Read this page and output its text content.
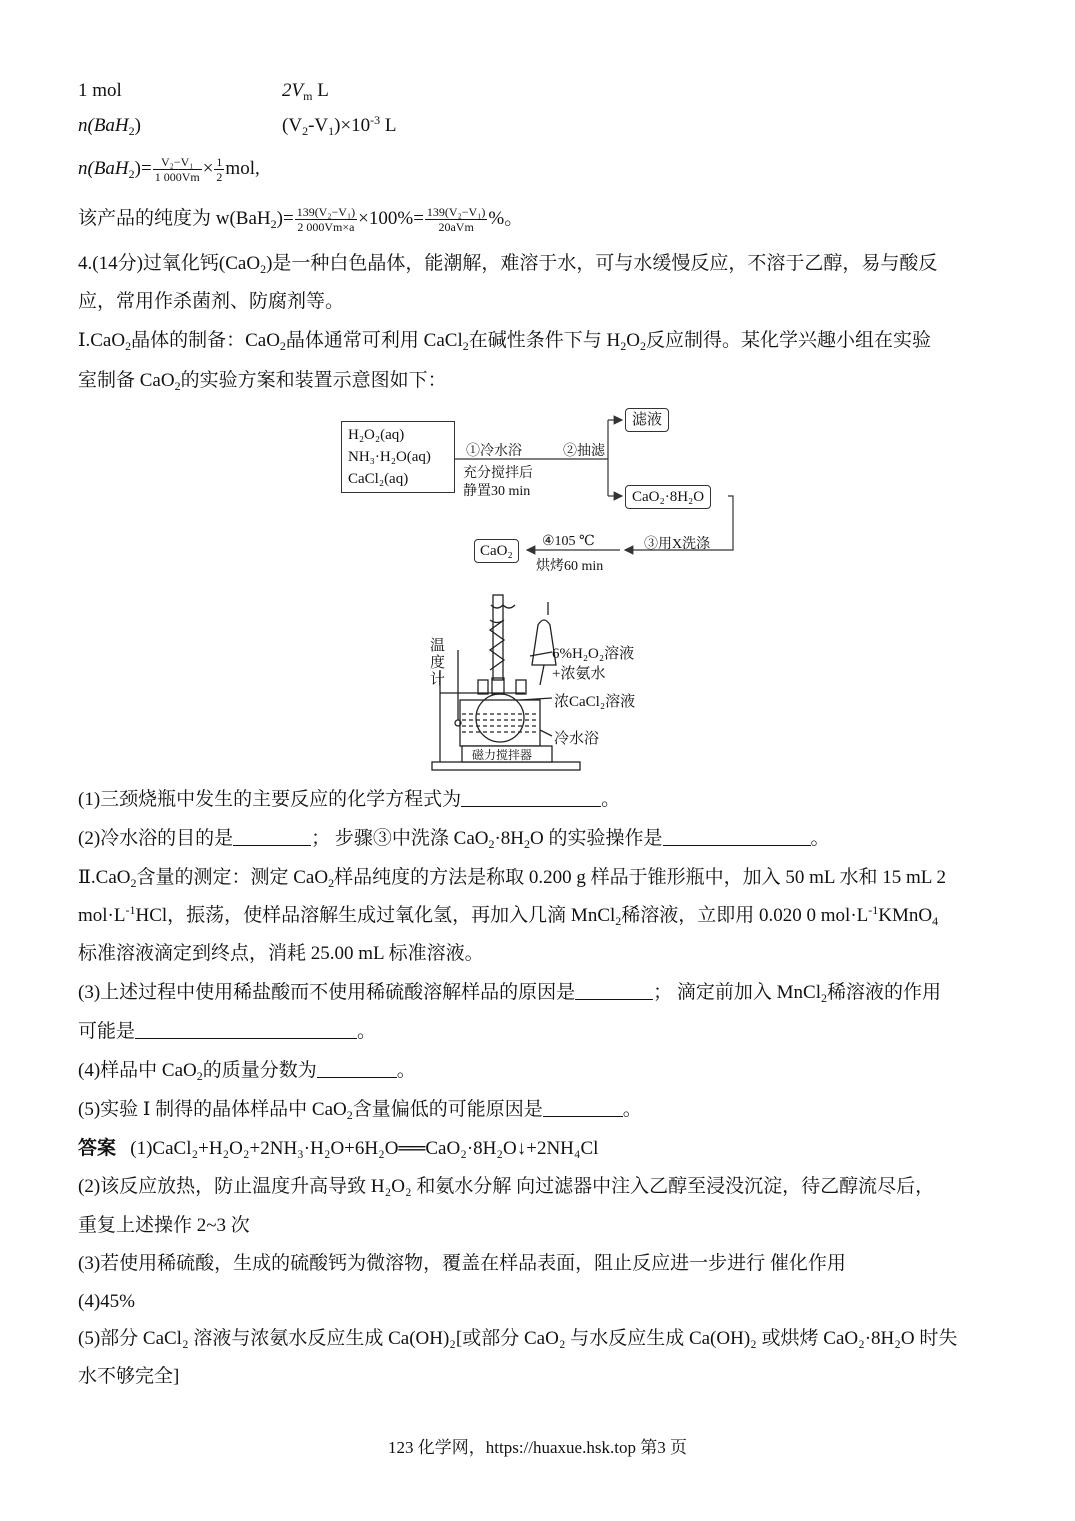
1 mol	$2V_m$ L
n(BaH$_2$)	$(V_2-V_1)\times 10^{-3}$ L
$n(BaH_2)= \frac{\text{V₂−V₁}}{1 000Vm} \times \frac{1}{2}$ mol,
该产品的纯度为 $w(BaH_2)= \frac{\text{139(V₂−V₁)}}{2 000Vm\times a} \times 100\%= \frac{\text{139(V₂−V₁)}}{\text{20aVm}}$ %。
4.(14分)过氧化钙(CaO$_2$)是一种白色晶体，能潮解，难溶于水，可与水缓慢反应，不溶于乙醇，易与酸反
应，常用作杀菌剂、防腐剂等。
Ⅰ.CaO$_2$晶体的制备：CaO$_2$晶体通常可利用 CaCl$_2$在碱性条件下与 $H_2O_2$反应制得。某化学兴趣小组在实验
室制备 CaO$_2$的实验方案和装置示意图如下：
H₂O₂(aq)
NH₃·H₂O(aq)
CaCl₂(aq)
①冷水浴
充分搅拌后
静置30 min
②抽滤
滤液
CaO₂·8H₂O
③用X洗涤
④105 ℃
烘烤60 min
CaO₂
温
度
计
6%H₂O₂溶液
+浓氨水
浓CaCl₂溶液
冷水浴
磁力搅拌器
(1)三颈烧瓶中发生的主要反应的化学方程式为	。
(2)冷水浴的目的是	； 步骤③中洗涤 $CaO_2\cdot 8H_2O$ 的实验操作是	。
Ⅱ.CaO$_2$含量的测定：测定 CaO$_2$样品纯度的方法是称取 0.200 g 样品于锥形瓶中，加入 50 mL 水和 15 mL 2
$mol\cdot L^{-1}HCl$，振荡，使样品溶解生成过氧化氢，再加入几滴 MnCl$_2$稀溶液，立即用 0.020 0 $mol\cdot L^{-1}KMnO_4$
标准溶液滴定到终点，消耗 25.00 mL 标准溶液。
(3)上述过程中使用稀盐酸而不使用稀硫酸溶解样品的原因是	； 滴定前加入 MnCl$_2$稀溶液的作用
可能是	。
(4)样品中 CaO$_2$的质量分数为	。
(5)实验 Ⅰ 制得的晶体样品中 CaO$_2$含量偏低的可能原因是	。
答案 (1)CaCl₂+H₂O₂+2NH₃·H₂O+6H₂O══CaO₂·8H₂O↓+2NH₄Cl
(2)该反应放热，防止温度升高导致 H₂O₂ 和氨水分解 向过滤器中注入乙醇至浸没沉淀，待乙醇流尽后，
重复上述操作 2~3 次
(3)若使用稀硫酸，生成的硫酸钙为微溶物，覆盖在样品表面，阻止反应进一步进行 催化作用
(4)45%
(5)部分 CaCl₂ 溶液与浓氨水反应生成 Ca(OH)₂[或部分 CaO₂ 与水反应生成 Ca(OH)₂ 或烘烤 CaO₂·8H₂O 时失
水不够完全]
123 化学网，https://huaxue.hsk.top 第3 页
